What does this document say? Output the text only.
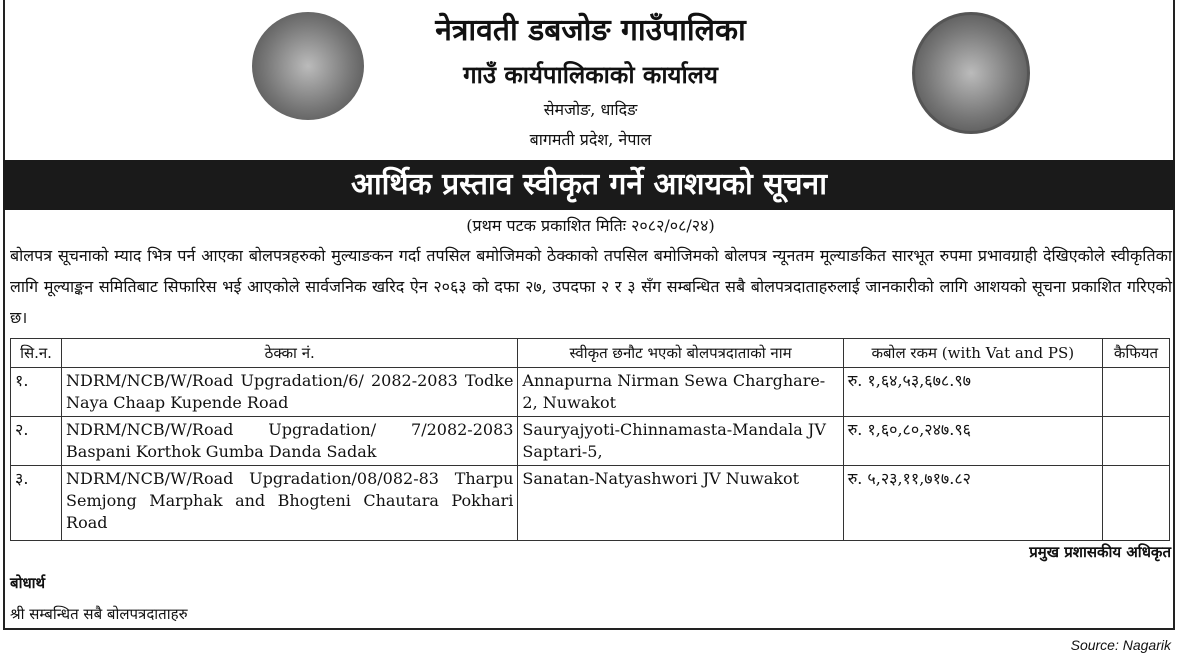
नेत्रावती डबजोङ गाउँपालिका
गाउँ कार्यपालिकाको कार्यालय
सेमजोङ, धादिङ
बागमती प्रदेश, नेपाल
आर्थिक प्रस्ताव स्वीकृत गर्ने आशयको सूचना
(प्रथम पटक प्रकाशित मितिः २०८२/०८/२४)
बोलपत्र सूचनाको म्याद भित्र पर्न आएका बोलपत्रहरुको मुल्याङकन गर्दा तपसिल बमोजिमको ठेक्काको तपसिल बमोजिमको बोलपत्र न्यूनतम मूल्याङकित सारभूत रुपमा प्रभावग्राही देखिएकोले स्वीकृतिका लागि मूल्याङ्कन समितिबाट सिफारिस भई आएकोले सार्वजनिक खरिद ऐन २०६३ को दफा २७, उपदफा २ र ३ सँग सम्बन्धित सबै बोलपत्रदाताहरुलाई जानकारीको लागि आशयको सूचना प्रकाशित गरिएको छ।
सि.न.	ठेक्का नं.	स्वीकृत छनौट भएको बोलपत्रदाताको नाम	कबोल रकम (with Vat and PS)	कैफियत
१.	NDRM/NCB/W/Road Upgradation/6/ 2082-2083 Todke Naya Chaap Kupende Road	Annapurna Nirman Sewa Charghare-2, Nuwakot	रु. १,६४,५३,६७८.९७	
२.	NDRM/NCB/W/Road Upgradation/ 7/2082-2083 Baspani Korthok Gumba Danda Sadak	Sauryajyoti-Chinnamasta-Mandala JV Saptari-5,	रु. १,६०,८०,२४७.९६	
३.	NDRM/NCB/W/Road Upgradation/08/082-83 Tharpu Semjong Marphak and Bhogteni Chautara Pokhari Road	Sanatan-Natyashwori JV Nuwakot	रु. ५,२३,११,७१७.८२	
प्रमुख प्रशासकीय अधिकृत
बोधार्थ
श्री सम्बन्धित सबै बोलपत्रदाताहरु
Source: Nagarik
